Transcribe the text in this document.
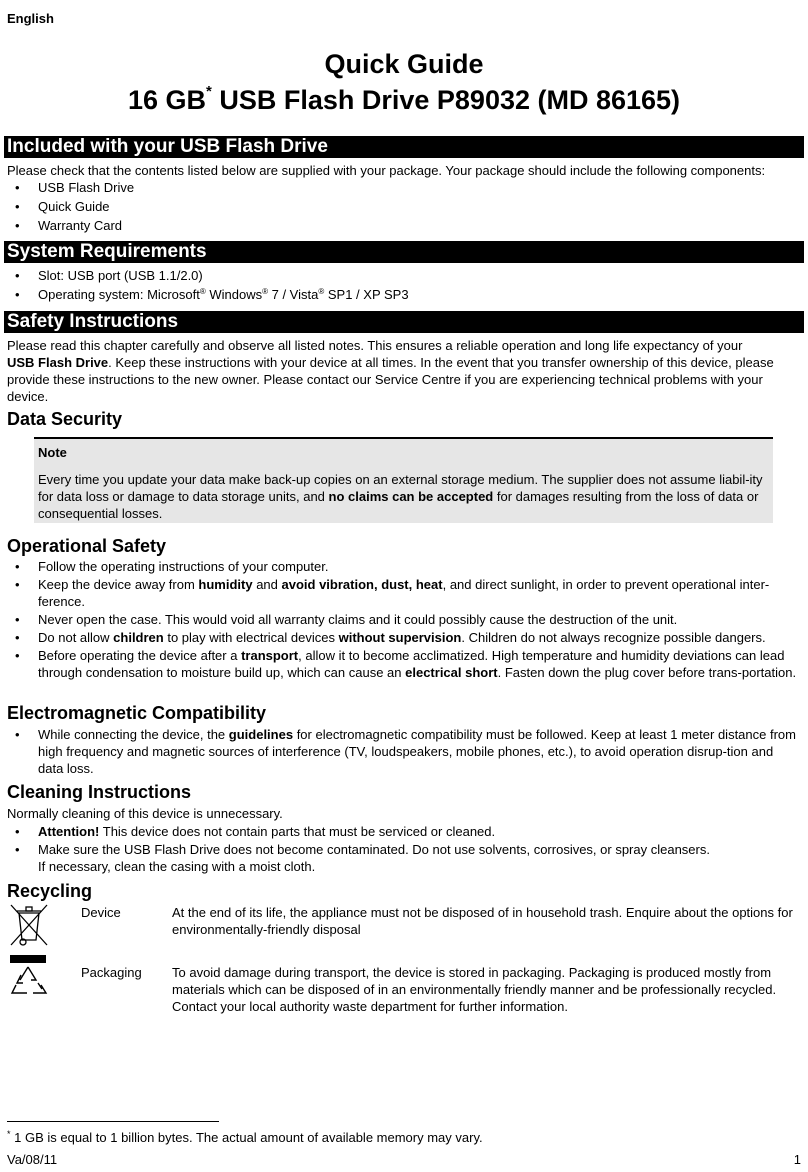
English
Quick Guide
16 GB* USB Flash Drive P89032 (MD 86165)
Included with your USB Flash Drive
Please check that the contents listed below are supplied with your package. Your package should include the following components:
• USB Flash Drive
• Quick Guide
• Warranty Card
System Requirements
• Slot: USB port (USB 1.1/2.0)
• Operating system: Microsoft® Windows® 7 / Vista® SP1 / XP SP3
Safety Instructions
Please read this chapter carefully and observe all listed notes. This ensures a reliable operation and long life expectancy of your
USB Flash Drive. Keep these instructions with your device at all times. In the event that you transfer ownership of this device, please provide these instructions to the new owner. Please contact our Service Centre if you are experiencing technical problems with your device.
Data Security
Note
Every time you update your data make back-up copies on an external storage medium. The supplier does not assume liabil-ity for data loss or damage to data storage units, and no claims can be accepted for damages resulting from the loss of data or consequential losses.
Operational Safety
• Follow the operating instructions of your computer.
• Keep the device away from humidity and avoid vibration, dust, heat, and direct sunlight, in order to prevent operational inter-ference.
• Never open the case. This would void all warranty claims and it could possibly cause the destruction of the unit.
• Do not allow children to play with electrical devices without supervision. Children do not always recognize possible dangers.
• Before operating the device after a transport, allow it to become acclimatized. High temperature and humidity deviations can lead through condensation to moisture build up, which can cause an electrical short. Fasten down the plug cover before trans-portation.
Electromagnetic Compatibility
• While connecting the device, the guidelines for electromagnetic compatibility must be followed. Keep at least 1 meter distance from high frequency and magnetic sources of interference (TV, loudspeakers, mobile phones, etc.), to avoid operation disrup-tion and data loss.
Cleaning Instructions
Normally cleaning of this device is unnecessary.
• Attention! This device does not contain parts that must be serviced or cleaned.
• Make sure the USB Flash Drive does not become contaminated. Do not use solvents, corrosives, or spray cleansers.
If necessary, clean the casing with a moist cloth.
Recycling
Device	At the end of its life, the appliance must not be disposed of in household trash. Enquire about the options for environmentally-friendly disposal
Packaging To avoid damage during transport, the device is stored in packaging. Packaging is produced mostly from materials which can be disposed of in an environmentally friendly manner and be professionally recycled. Contact your local authority waste department for further information.
* 1 GB is equal to 1 billion bytes. The actual amount of available memory may vary.
Va/08/11	1
